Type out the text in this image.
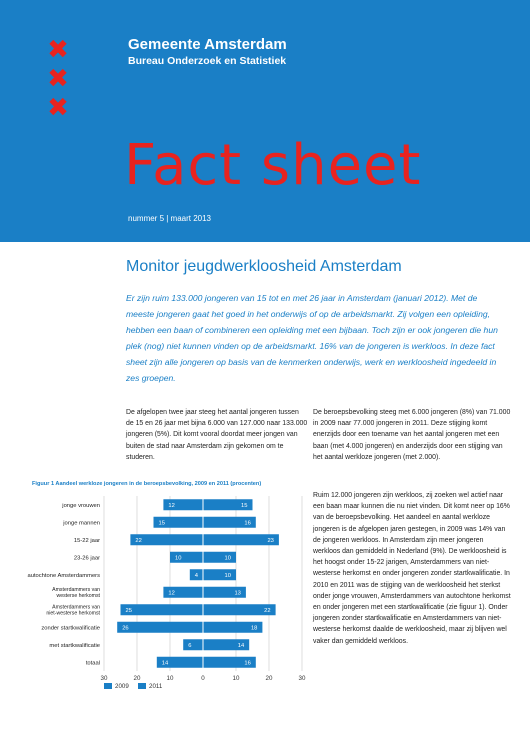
✖
✖
✖
Gemeente Amsterdam
Bureau Onderzoek en Statistiek
Fact sheet
nummer 5 | maart 2013
Monitor jeugdwerkloosheid Amsterdam
Er zijn ruim 133.000 jongeren van 15 tot en met 26 jaar in Amsterdam (januari 2012). Met de meeste jongeren gaat het goed in het onderwijs of op de arbeidsmarkt. Zij volgen een opleiding, hebben een baan of combineren een opleiding met een bijbaan. Toch zijn er ook jongeren die hun plek (nog) niet kunnen vinden op de arbeidsmarkt. 16% van de jongeren is werkloos. In deze fact sheet zijn alle jongeren op basis van de kenmerken onderwijs, werk en werkloosheid ingedeeld in zes groepen.
De afgelopen twee jaar steeg het aantal jongeren tussen de 15 en 26 jaar met bijna 6.000 van 127.000 naar 133.000 jongeren (5%). Dit komt vooral doordat meer jongen van buiten de stad naar Amsterdam zijn gekomen om te studeren.
De beroepsbevolking steeg met 6.000 jongeren (8%) van 71.000 in 2009 naar 77.000 jongeren in 2011. Deze stijging komt enerzijds door een toename van het aantal jongeren met een baan (met 4.000 jongeren) en anderzijds door een stijging van het aantal werkloze jongeren (met 2.000).
Ruim 12.000 jongeren zijn werkloos, zij zoeken wel actief naar een baan maar kunnen die nu niet vinden. Dit komt neer op 16% van de beroepsbevolking. Het aandeel en aantal werkloze jongeren is de afgelopen jaren gestegen, in 2009 was 14% van de jongeren werkloos. In Amsterdam zijn meer jongeren werkloos dan gemiddeld in Nederland (9%). De werkloosheid is het hoogst onder 15-22 jarigen, Amsterdammers van niet-westerse herkomst en onder jongeren zonder startkwalificatie. In 2010 en 2011 was de stijging van de werkloosheid het sterkst onder jonge vrouwen, Amsterdammers van autochtone herkomst en onder jongeren met een startkwalificatie (zie figuur 1). Onder jongeren zonder startkwalificatie en Amsterdammers van niet-westerse herkomst daalde de werkloosheid, maar zij blijven wel vaker dan gemiddeld werkloos.
Figuur 1 Aandeel werkloze jongeren in de beroepsbevolking, 2009 en 2011 (procenten)
30	20	10	0	10	20	30
jonge vrouwen	12	15
jonge mannen	15	16
15-22 jaar	22	23
23-26 jaar	10	10
autochtone Amsterdammers	4	10
Amsterdammers van
westerse herkomst	12	13
Amsterdammers van
niet-westerse herkomst	25	22
zonder startkwalificatie	26	18
met startkwalificatie	6	14
totaal	14	16
2009	2011
